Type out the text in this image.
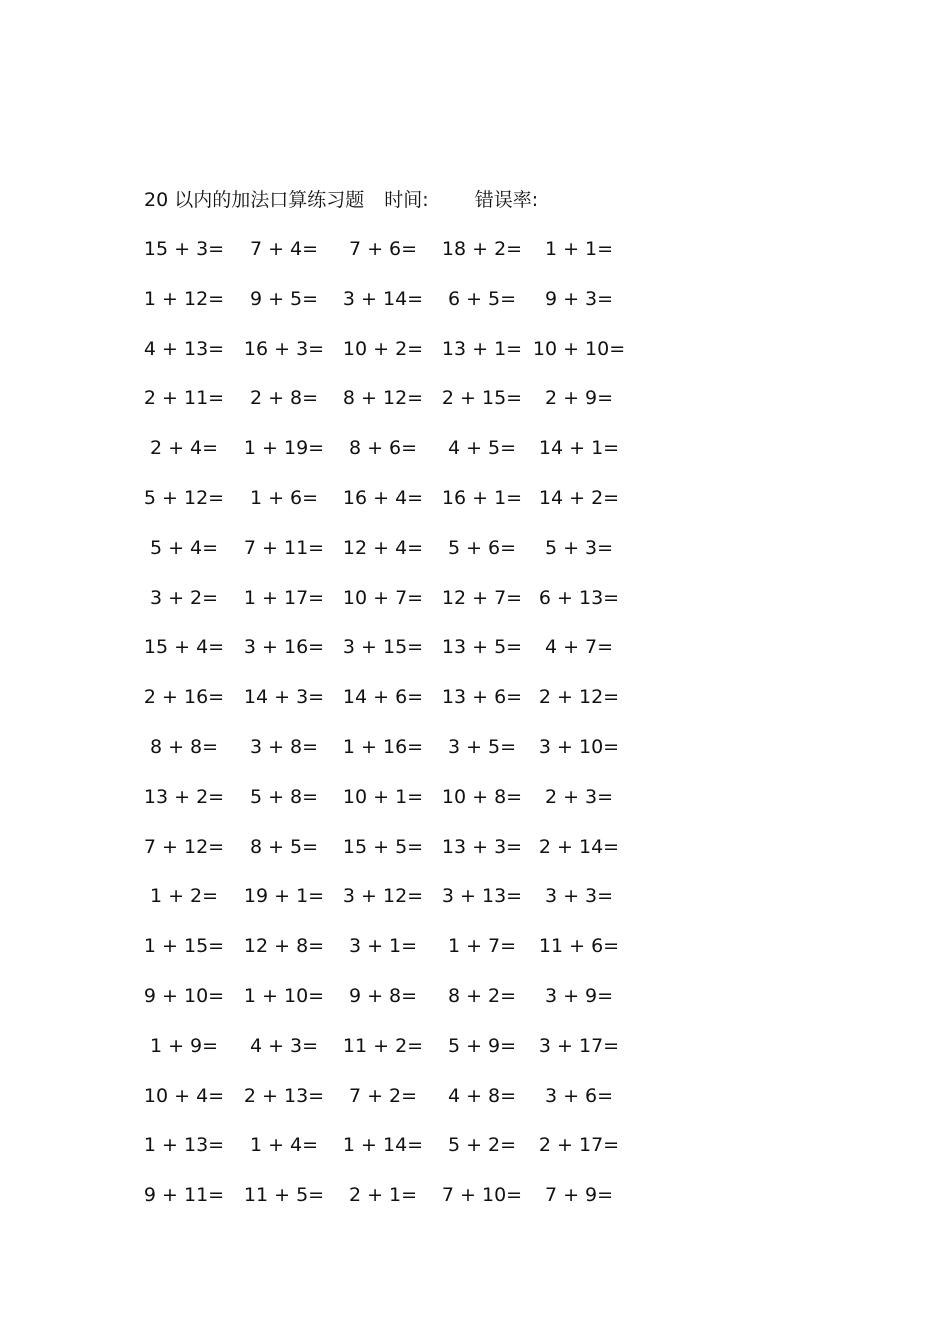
20 以内的加法口算练习题 时间: 错误率:
15 + 3=	7 + 4=	7 + 6=	18 + 2=	1 + 1=
1 + 12=	9 + 5=	3 + 14=	6 + 5=	9 + 3=
4 + 13=	16 + 3= 10 + 2= 13 + 1= 10 + 10=
2 + 11=	2 + 8=	8 + 12= 2 + 15=	2 + 9=
2 + 4=	1 + 19=	8 + 6=	4 + 5=	14 + 1=
5 + 12=	1 + 6=	16 + 4= 16 + 1= 14 + 2=
5 + 4=	7 + 11= 12 + 4=	5 + 6=	5 + 3=
3 + 2=	1 + 17= 10 + 7= 12 + 7= 6 + 13=
15 + 4=	3 + 16= 3 + 15= 13 + 5=	4 + 7=
2 + 16=	14 + 3= 14 + 6= 13 + 6= 2 + 12=
8 + 8=	3 + 8=	1 + 16=	3 + 5=	3 + 10=
13 + 2=	5 + 8=	10 + 1= 10 + 8=	2 + 3=
7 + 12=	8 + 5=	15 + 5= 13 + 3= 2 + 14=
1 + 2=	19 + 1= 3 + 12= 3 + 13=	3 + 3=
1 + 15=	12 + 8=	3 + 1=	1 + 7=	11 + 6=
9 + 10=	1 + 10=	9 + 8=	8 + 2=	3 + 9=
1 + 9=	4 + 3=	11 + 2=	5 + 9=	3 + 17=
10 + 4=	2 + 13=	7 + 2=	4 + 8=	3 + 6=
1 + 13=	1 + 4=	1 + 14=	5 + 2=	2 + 17=
9 + 11=	11 + 5=	2 + 1=	7 + 10=	7 + 9=
